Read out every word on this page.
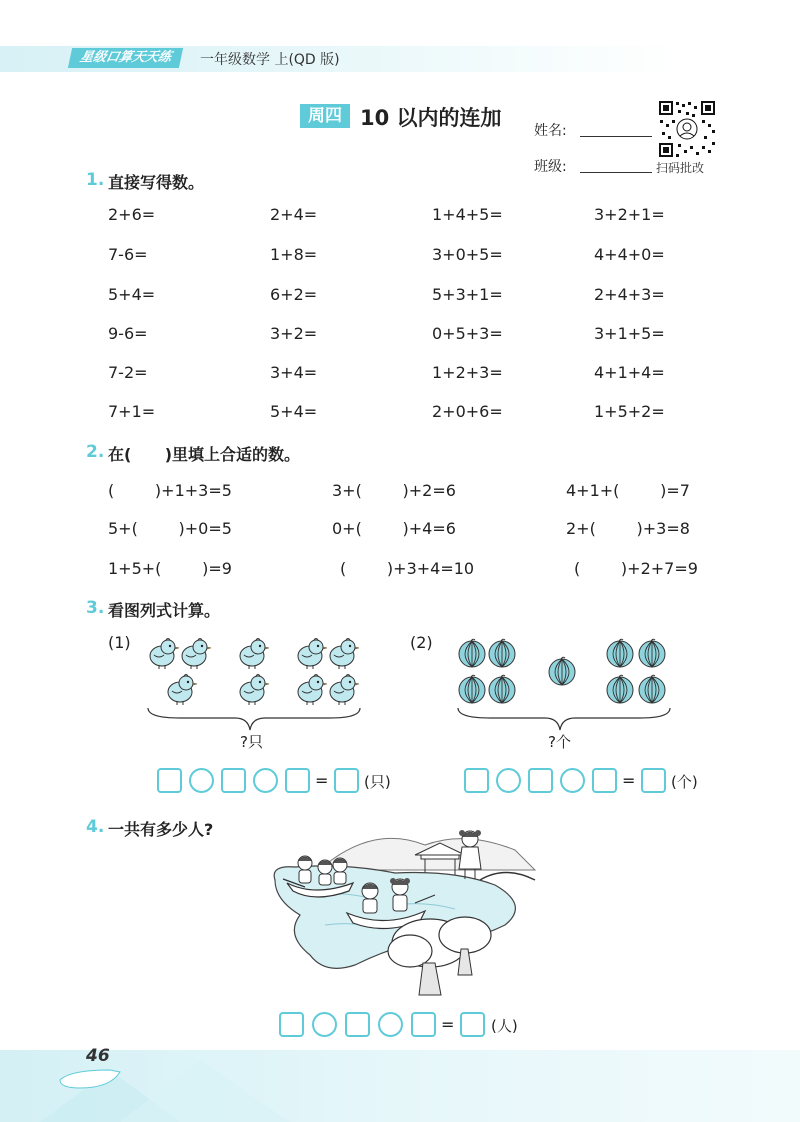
星级口算天天练	一年级数学 上(QD 版)
周四 10 以内的连加
姓名:
班级:	扫码批改
1. 直接写得数。
2+6=	2+4=	1+4+5=	3+2+1=
7-6=	1+8=	3+0+5=	4+4+0=
5+4=	6+2=	5+3+1=	2+4+3=
9-6=	3+2=	0+5+3=	3+1+5=
7-2=	3+4=	1+2+3=	4+1+4=
7+1=	5+4=	2+0+6=	1+5+2=
2. 在(      )里填上合适的数。
(        )+1+3=5	3+(        )+2=6	4+1+(        )=7
5+(        )+0=5	0+(        )+4=6	2+(        )+3=8
1+5+(        )=9	(        )+3+4=10	(        )+2+7=9
3. 看图列式计算。
(1)	(2)
?只	?个
= (只)	= (个)
4. 一共有多少人?
= (人)
46
